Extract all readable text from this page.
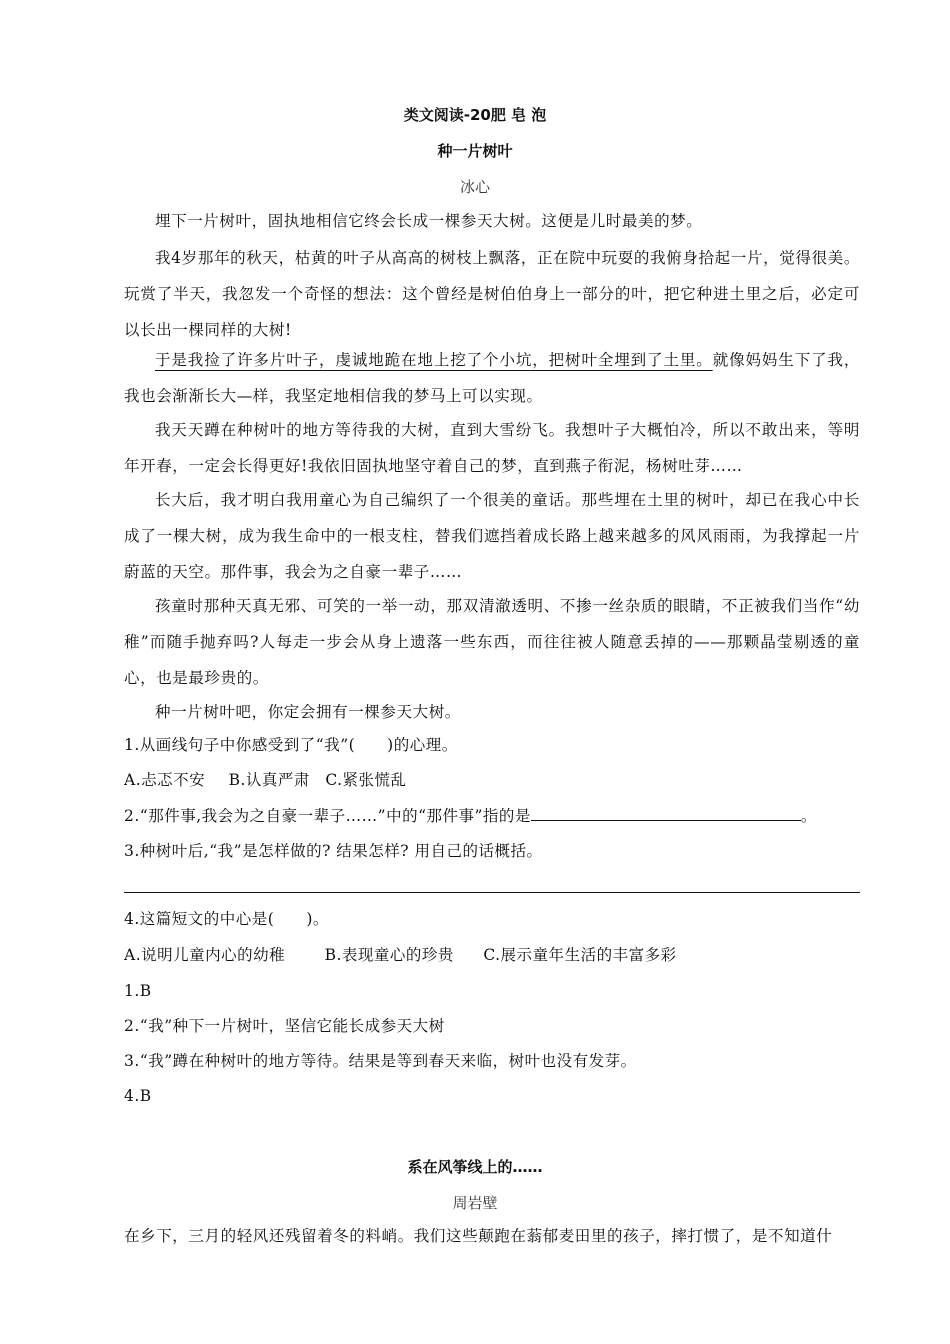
类文阅读-20肥 皂 泡
种一片树叶
冰心
埋下一片树叶，固执地相信它终会长成一棵参天大树。这便是儿时最美的梦。
我4岁那年的秋天，枯黄的叶子从高高的树枝上飘落，正在院中玩耍的我俯身拾起一片，觉得很美。玩赏了半天，我忽发一个奇怪的想法：这个曾经是树伯伯身上一部分的叶，把它种进土里之后，必定可以长出一棵同样的大树!
于是我捡了许多片叶子，虔诚地跪在地上挖了个小坑，把树叶全埋到了土里。就像妈妈生下了我，我也会渐渐长大—样，我坚定地相信我的梦马上可以实现。
我天天蹲在种树叶的地方等待我的大树，直到大雪纷飞。我想叶子大概怕冷，所以不敢出来，等明年开春，一定会长得更好!我依旧固执地坚守着自己的梦，直到燕子衔泥，杨树吐芽……
长大后，我才明白我用童心为自己编织了一个很美的童话。那些埋在土里的树叶，却已在我心中长成了一棵大树，成为我生命中的一根支柱，替我们遮挡着成长路上越来越多的风风雨雨，为我撑起一片蔚蓝的天空。那件事，我会为之自豪一辈子……
孩童时那种天真无邪、可笑的一举一动，那双清澈透明、不掺一丝杂质的眼睛，不正被我们当作“幼稚”而随手抛弃吗?人每走一步会从身上遗落一些东西，而往往被人随意丢掉的——那颗晶莹剔透的童心，也是最珍贵的。
种一片树叶吧，你定会拥有一棵参天大树。
1.从画线句子中你感受到了“我”(　　)的心理。
A.忐忑不安 B.认真严肃 C.紧张慌乱
2.“那件事,我会为之自豪一辈子……”中的“那件事”指的是	。
3.种树叶后,“我”是怎样做的? 结果怎样? 用自己的话概括。
4.这篇短文的中心是(　　)。
A.说明儿童内心的幼稚	B.表现童心的珍贵 C.展示童年生活的丰富多彩
1.B
2.“我”种下一片树叶，坚信它能长成参天大树
3.“我”蹲在种树叶的地方等待。结果是等到春天来临，树叶也没有发芽。
4.B
系在风筝线上的……
周岩壁
在乡下，三月的轻风还残留着冬的料峭。我们这些颠跑在蓊郁麦田里的孩子，摔打惯了，是不知道什
